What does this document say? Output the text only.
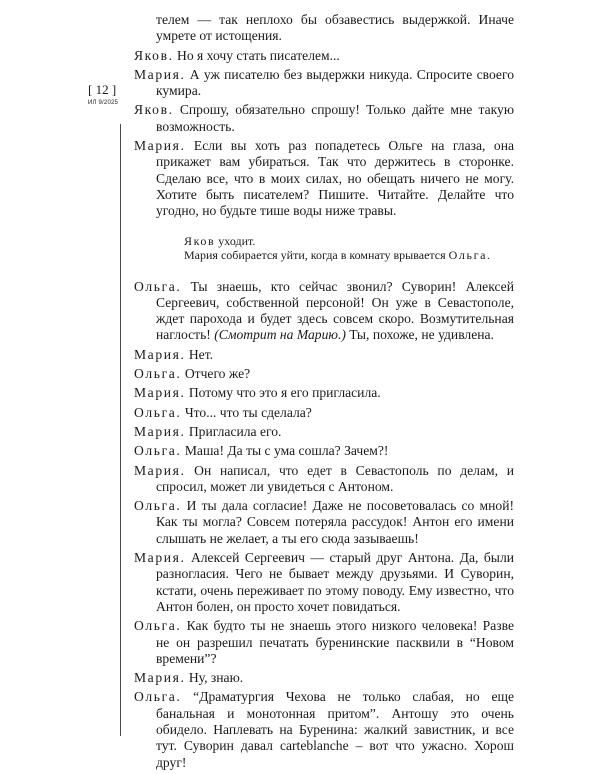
[ 12 ]
ИЛ 9/2025

телем — так неплохо бы обзавестись выдержкой. Иначе умрете от истощения.

Яков. Но я хочу стать писателем...

Мария. А уж писателю без выдержки никуда. Спросите своего кумира.

Яков. Спрошу, обязательно спрошу! Только дайте мне такую возможность.

Мария. Если вы хоть раз попадетесь Ольге на глаза, она прикажет вам убираться. Так что держитесь в сторонке. Сделаю все, что в моих силах, но обещать ничего не могу. Хотите быть писателем? Пишите. Читайте. Делайте что угодно, но будьте тише воды ниже травы.

Яков уходит.
Мария собирается уйти, когда в комнату врывается Ольга.

Ольга. Ты знаешь, кто сейчас звонил? Суворин! Алексей Сергеевич, собственной персоной! Он уже в Севастополе, ждет парохода и будет здесь совсем скоро. Возмутительная наглость! (Смотрит на Марию.) Ты, похоже, не удивлена.

Мария. Нет.

Ольга. Отчего же?

Мария. Потому что это я его пригласила.

Ольга. Что... что ты сделала?

Мария. Пригласила его.

Ольга. Маша! Да ты с ума сошла? Зачем?!

Мария. Он написал, что едет в Севастополь по делам, и спросил, может ли увидеться с Антоном.

Ольга. И ты дала согласие! Даже не посоветовалась со мной! Как ты могла? Совсем потеряла рассудок! Антон его имени слышать не желает, а ты его сюда зазываешь!

Мария. Алексей Сергеевич — старый друг Антона. Да, были разногласия. Чего не бывает между друзьями. И Суворин, кстати, очень переживает по этому поводу. Ему известно, что Антон болен, он просто хочет повидаться.

Ольга. Как будто ты не знаешь этого низкого человека! Разве не он разрешил печатать буренинские пасквили в “Новом времени”?

Мария. Ну, знаю.

Ольга. “Драматургия Чехова не только слабая, но еще банальная и монотонная притом”. Антошу это очень обидело. Наплевать на Буренина: жалкий завистник, и все тут. Суворин давал carteblanche – вот что ужасно. Хорош друг!
